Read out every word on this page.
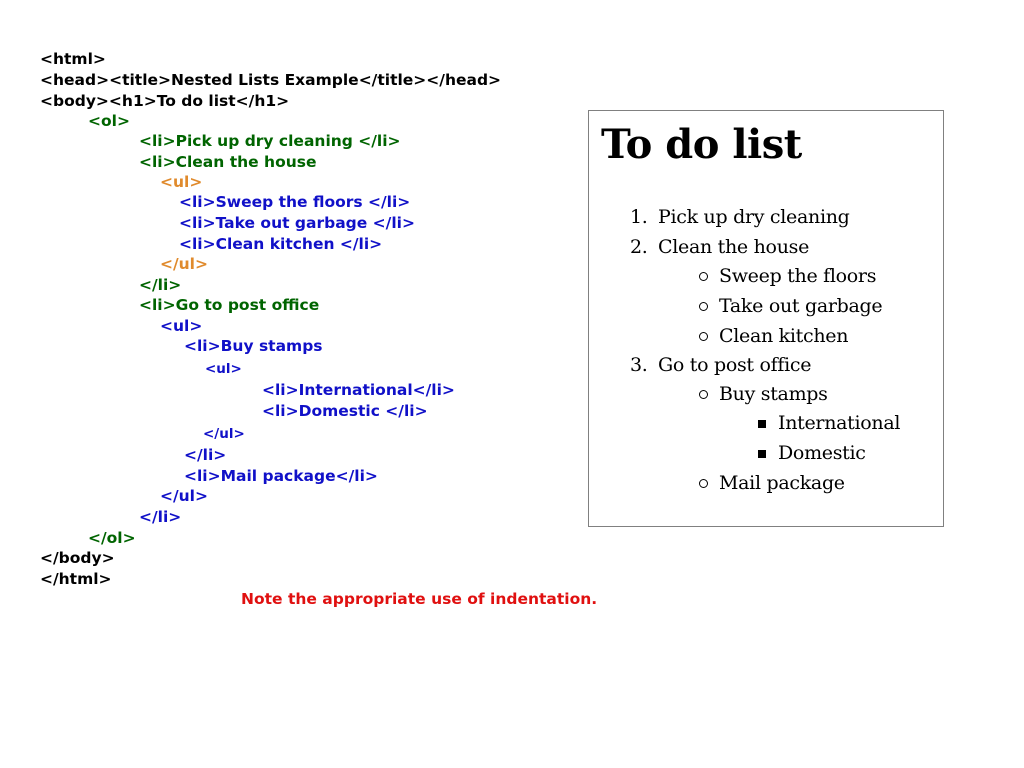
<html>
<head><title>Nested Lists Example</title></head>
<body><h1>To do list</h1>
<ol>
<li>Pick up dry cleaning </li>
<li>Clean the house
<ul>
<li>Sweep the floors </li>
<li>Take out garbage </li>
<li>Clean kitchen </li>
</ul>
</li>
<li>Go to post office
<ul>
<li>Buy stamps
<ul>
<li>International</li>
<li>Domestic </li>
</ul>
</li>
<li>Mail package</li>
</ul>
</li>
</ol>
</body>
</html>
Note the appropriate use of indentation.
To do list
1. Pick up dry cleaning
2. Clean the house
Sweep the floors
Take out garbage
Clean kitchen
3. Go to post office
Buy stamps
International
Domestic
Mail package
